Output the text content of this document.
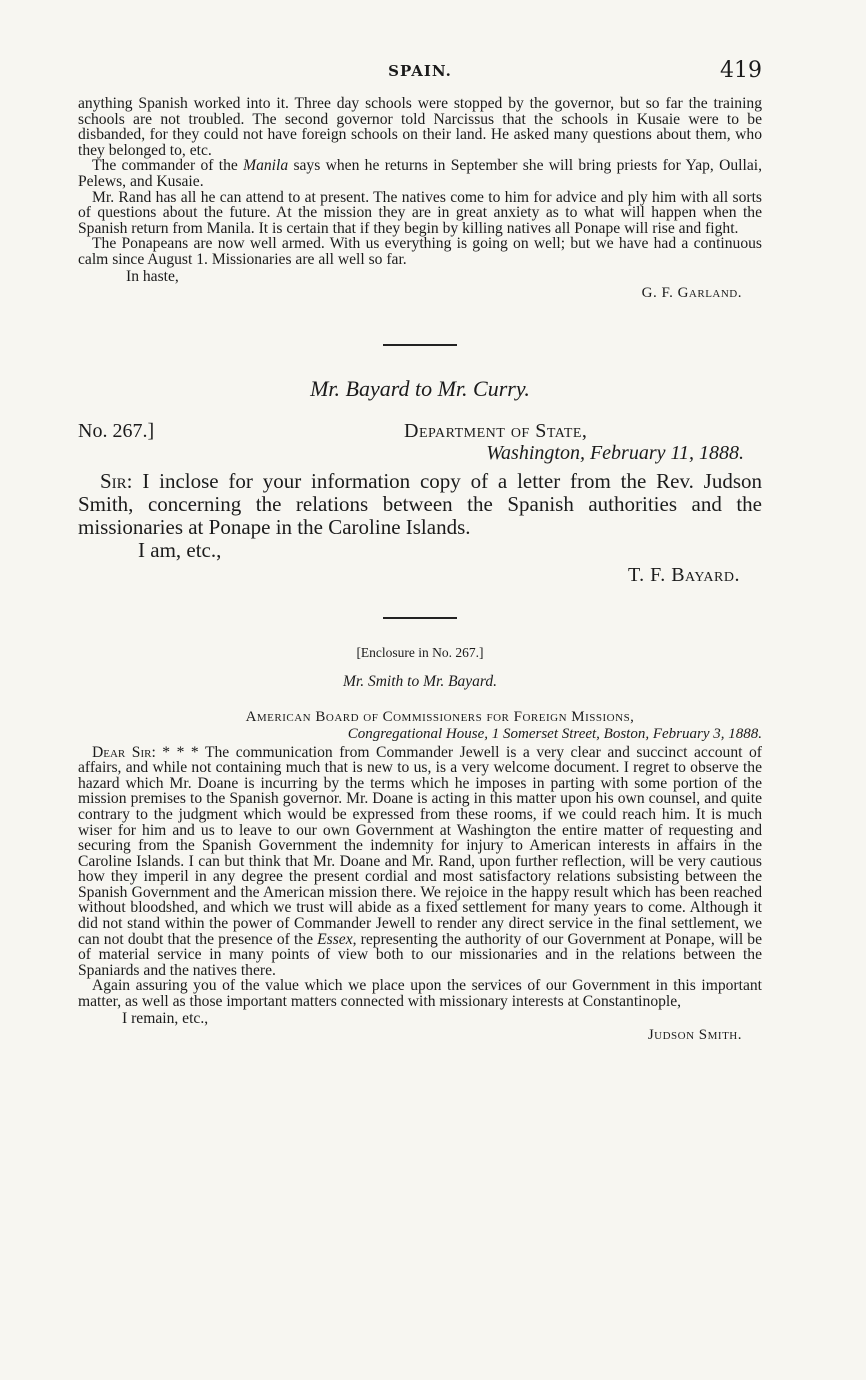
SPAIN.	419

anything Spanish worked into it. Three day schools were stopped by the governor, but so far the training schools are not troubled. The second governor told Narcissus that the schools in Kusaie were to be disbanded, for they could not have foreign schools on their land. He asked many questions about them, who they belonged to, etc.

The commander of the Manila says when he returns in September she will bring priests for Yap, Oullai, Pelews, and Kusaie.

Mr. Rand has all he can attend to at present. The natives come to him for advice and ply him with all sorts of questions about the future. At the mission they are in great anxiety as to what will happen when the Spanish return from Manila. It is certain that if they begin by killing natives all Ponape will rise and fight.

The Ponapeans are now well armed. With us everything is going on well; but we have had a continuous calm since August 1. Missionaries are all well so far.

In haste,

G. F. Garland.

Mr. Bayard to Mr. Curry.
No. 267.]	Department of State,
Washington, February 11, 1888.

Sir: I inclose for your information copy of a letter from the Rev. Judson Smith, concerning the relations between the Spanish authorities and the missionaries at Ponape in the Caroline Islands.

I am, etc.,

T. F. Bayard.

[Enclosure in No. 267.]
Mr. Smith to Mr. Bayard.
American Board of Commissioners for Foreign Missions,
Congregational House, 1 Somerset Street, Boston, February 3, 1888.

Dear Sir: * * * The communication from Commander Jewell is a very clear and succinct account of affairs, and while not containing much that is new to us, is a very welcome document. I regret to observe the hazard which Mr. Doane is incurring by the terms which he imposes in parting with some portion of the mission premises to the Spanish governor. Mr. Doane is acting in this matter upon his own counsel, and quite contrary to the judgment which would be expressed from these rooms, if we could reach him. It is much wiser for him and us to leave to our own Government at Washington the entire matter of requesting and securing from the Spanish Government the indemnity for injury to American interests in affairs in the Caroline Islands. I can but think that Mr. Doane and Mr. Rand, upon further reflection, will be very cautious how they imperil in any degree the present cordial and most satisfactory relations subsisting between the Spanish Government and the American mission there. We rejoice in the happy result which has been reached without bloodshed, and which we trust will abide as a fixed settlement for many years to come. Although it did not stand within the power of Commander Jewell to render any direct service in the final settlement, we can not doubt that the presence of the Essex, representing the authority of our Government at Ponape, will be of material service in many points of view both to our missionaries and in the relations between the Spaniards and the natives there.

Again assuring you of the value which we place upon the services of our Government in this important matter, as well as those important matters connected with missionary interests at Constantinople,

I remain, etc.,

Judson Smith.
